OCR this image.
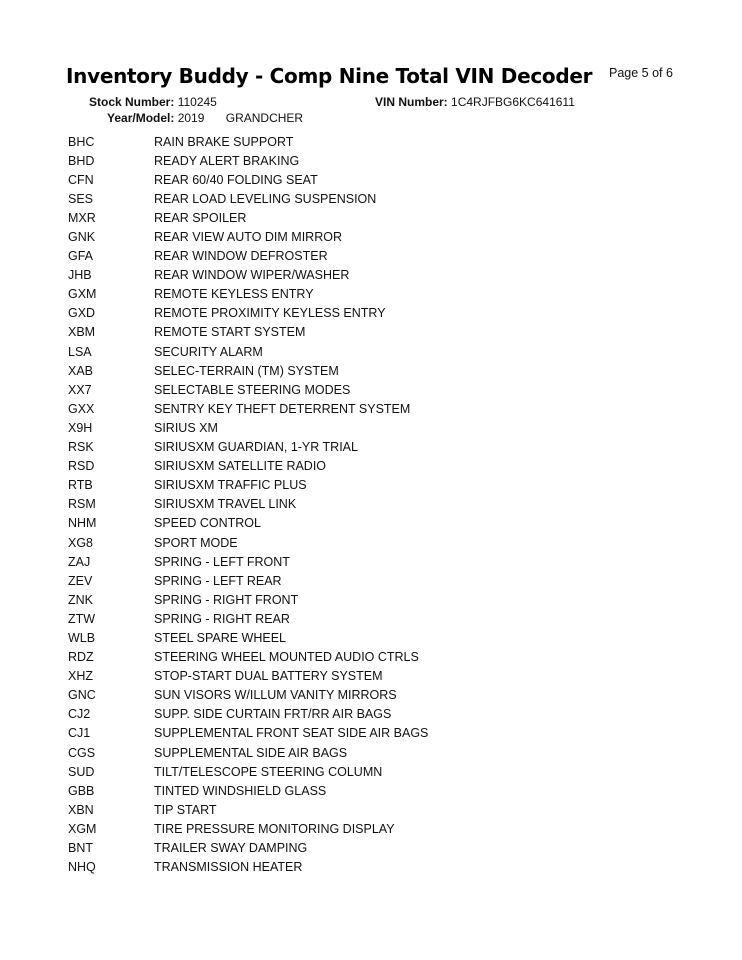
Inventory Buddy - Comp Nine Total VIN Decoder Page 5 of 6
Stock Number: 110245	VIN Number: 1C4RJFBG6KC641611
Year/Model: 2019 GRANDCHER
BHC	RAIN BRAKE SUPPORT
BHD	READY ALERT BRAKING
CFN	REAR 60/40 FOLDING SEAT
SES	REAR LOAD LEVELING SUSPENSION
MXR	REAR SPOILER
GNK	REAR VIEW AUTO DIM MIRROR
GFA	REAR WINDOW DEFROSTER
JHB	REAR WINDOW WIPER/WASHER
GXM	REMOTE KEYLESS ENTRY
GXD	REMOTE PROXIMITY KEYLESS ENTRY
XBM	REMOTE START SYSTEM
LSA	SECURITY ALARM
XAB	SELEC-TERRAIN (TM) SYSTEM
XX7	SELECTABLE STEERING MODES
GXX	SENTRY KEY THEFT DETERRENT SYSTEM
X9H	SIRIUS XM
RSK	SIRIUSXM GUARDIAN, 1-YR TRIAL
RSD	SIRIUSXM SATELLITE RADIO
RTB	SIRIUSXM TRAFFIC PLUS
RSM	SIRIUSXM TRAVEL LINK
NHM	SPEED CONTROL
XG8	SPORT MODE
ZAJ	SPRING - LEFT FRONT
ZEV	SPRING - LEFT REAR
ZNK	SPRING - RIGHT FRONT
ZTW	SPRING - RIGHT REAR
WLB	STEEL SPARE WHEEL
RDZ	STEERING WHEEL MOUNTED AUDIO CTRLS
XHZ	STOP-START DUAL BATTERY SYSTEM
GNC	SUN VISORS W/ILLUM VANITY MIRRORS
CJ2	SUPP. SIDE CURTAIN FRT/RR AIR BAGS
CJ1	SUPPLEMENTAL FRONT SEAT SIDE AIR BAGS
CGS	SUPPLEMENTAL SIDE AIR BAGS
SUD	TILT/TELESCOPE STEERING COLUMN
GBB	TINTED WINDSHIELD GLASS
XBN	TIP START
XGM	TIRE PRESSURE MONITORING DISPLAY
BNT	TRAILER SWAY DAMPING
NHQ	TRANSMISSION HEATER
